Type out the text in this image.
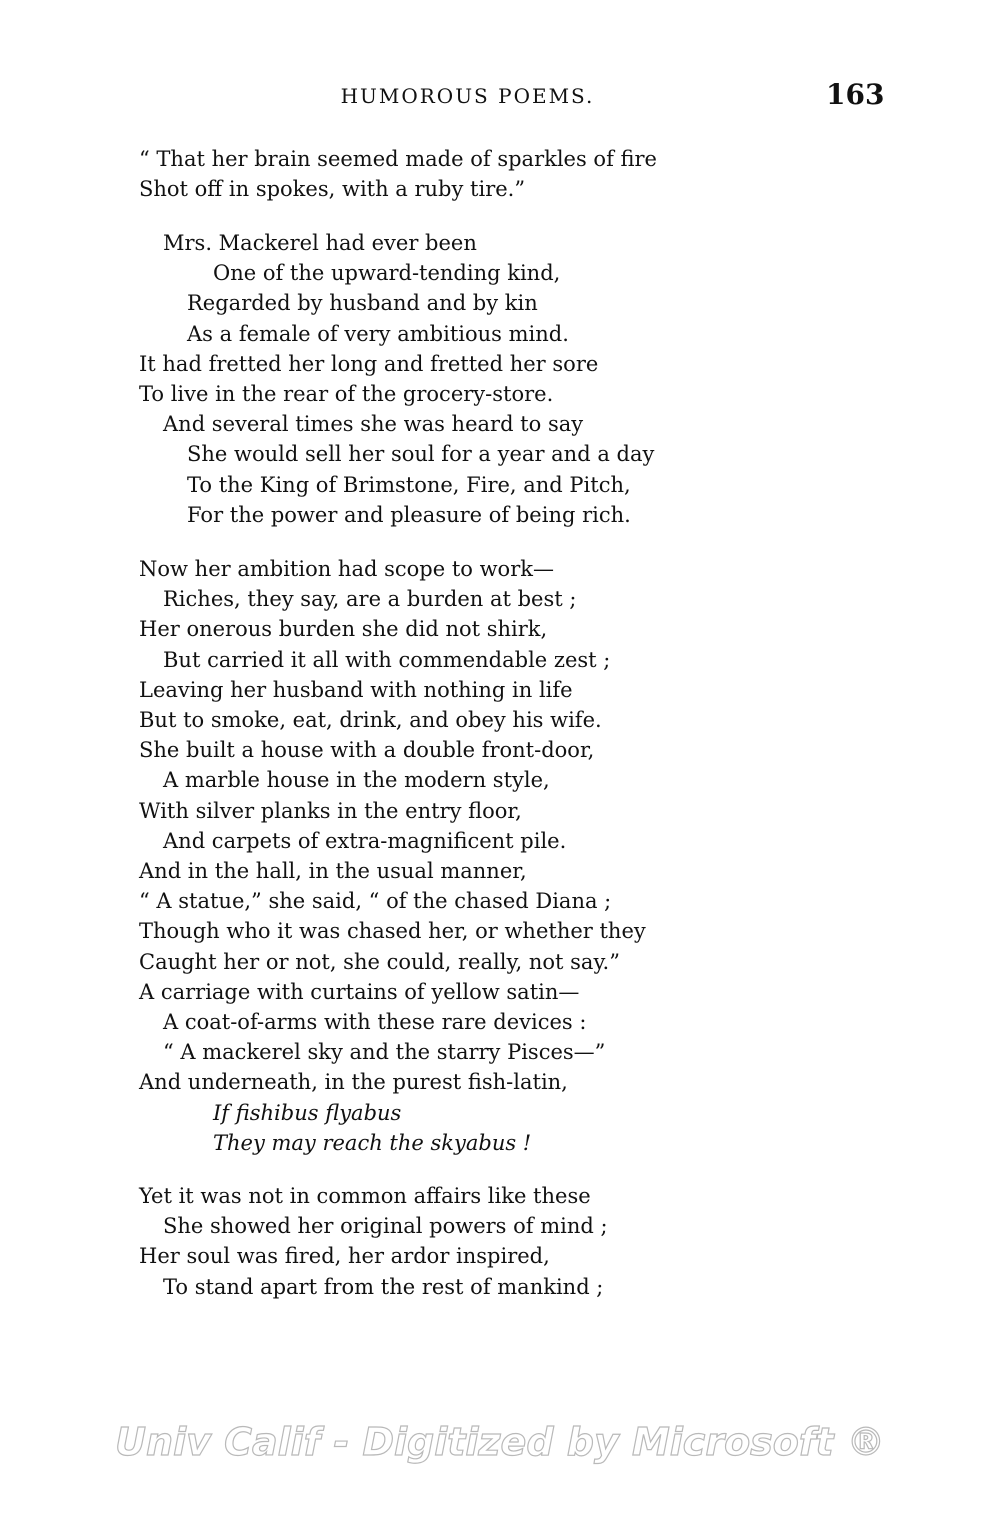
HUMOROUS POEMS.	163
“ That her brain seemed made of sparkles of fire
Shot off in spokes, with a ruby tire.”
Mrs. Mackerel had ever been
One of the upward-tending kind,
Regarded by husband and by kin
As a female of very ambitious mind.
It had fretted her long and fretted her sore
To live in the rear of the grocery-store.
And several times she was heard to say
She would sell her soul for a year and a day
To the King of Brimstone, Fire, and Pitch,
For the power and pleasure of being rich.
Now her ambition had scope to work—
Riches, they say, are a burden at best ;
Her onerous burden she did not shirk,
But carried it all with commendable zest ;
Leaving her husband with nothing in life
But to smoke, eat, drink, and obey his wife.
She built a house with a double front-door,
A marble house in the modern style,
With silver planks in the entry floor,
And carpets of extra-magnificent pile.
And in the hall, in the usual manner,
“ A statue,” she said, “ of the chased Diana ;
Though who it was chased her, or whether they
Caught her or not, she could, really, not say.”
A carriage with curtains of yellow satin—
A coat-of-arms with these rare devices :
“ A mackerel sky and the starry Pisces—”
And underneath, in the purest fish-latin,
If fishibus flyabus
They may reach the skyabus !
Yet it was not in common affairs like these
She showed her original powers of mind ;
Her soul was fired, her ardor inspired,
To stand apart from the rest of mankind ;
Univ Calif - Digitized by Microsoft ®
